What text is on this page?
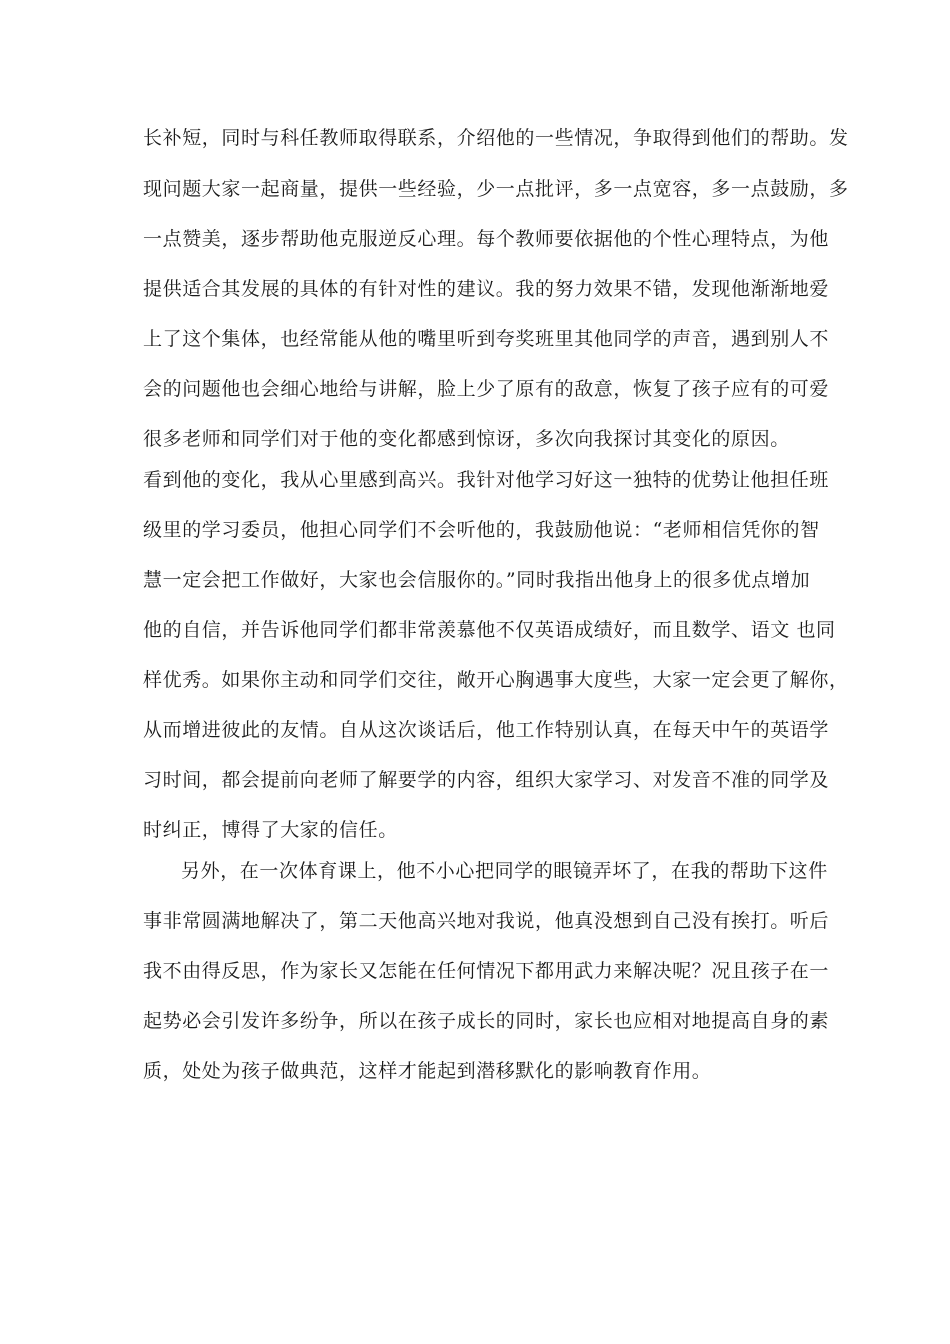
长补短，同时与科任教师取得联系，介绍他的一些情况，争取得到他们的帮助。发
现问题大家一起商量，提供一些经验，少一点批评，多一点宽容，多一点鼓励，多
一点赞美，逐步帮助他克服逆反心理。每个教师要依据他的个性心理特点，为他
提供适合其发展的具体的有针对性的建议。我的努力效果不错，发现他渐渐地爱
上了这个集体，也经常能从他的嘴里听到夸奖班里其他同学的声音，遇到别人不
会的问题他也会细心地给与讲解，脸上少了原有的敌意，恢复了孩子应有的可爱
很多老师和同学们对于他的变化都感到惊讶，多次向我探讨其变化的原因。
看到他的变化，我从心里感到高兴。我针对他学习好这一独特的优势让他担任班
级里的学习委员，他担心同学们不会听他的，我鼓励他说：“老师相信凭你的智
慧一定会把工作做好，大家也会信服你的。”同时我指出他身上的很多优点增加
他的自信，并告诉他同学们都非常羡慕他不仅英语成绩好，而且数学、语文 也同
样优秀。如果你主动和同学们交往，敞开心胸遇事大度些，大家一定会更了解你，
从而增进彼此的友情。自从这次谈话后，他工作特别认真，在每天中午的英语学
习时间，都会提前向老师了解要学的内容，组织大家学习、对发音不准的同学及
时纠正，博得了大家的信任。
另外，在一次体育课上，他不小心把同学的眼镜弄坏了，在我的帮助下这件
事非常圆满地解决了，第二天他高兴地对我说，他真没想到自己没有挨打。听后
我不由得反思，作为家长又怎能在任何情况下都用武力来解决呢？况且孩子在一
起势必会引发许多纷争，所以在孩子成长的同时，家长也应相对地提高自身的素
质，处处为孩子做典范，这样才能起到潜移默化的影响教育作用。
